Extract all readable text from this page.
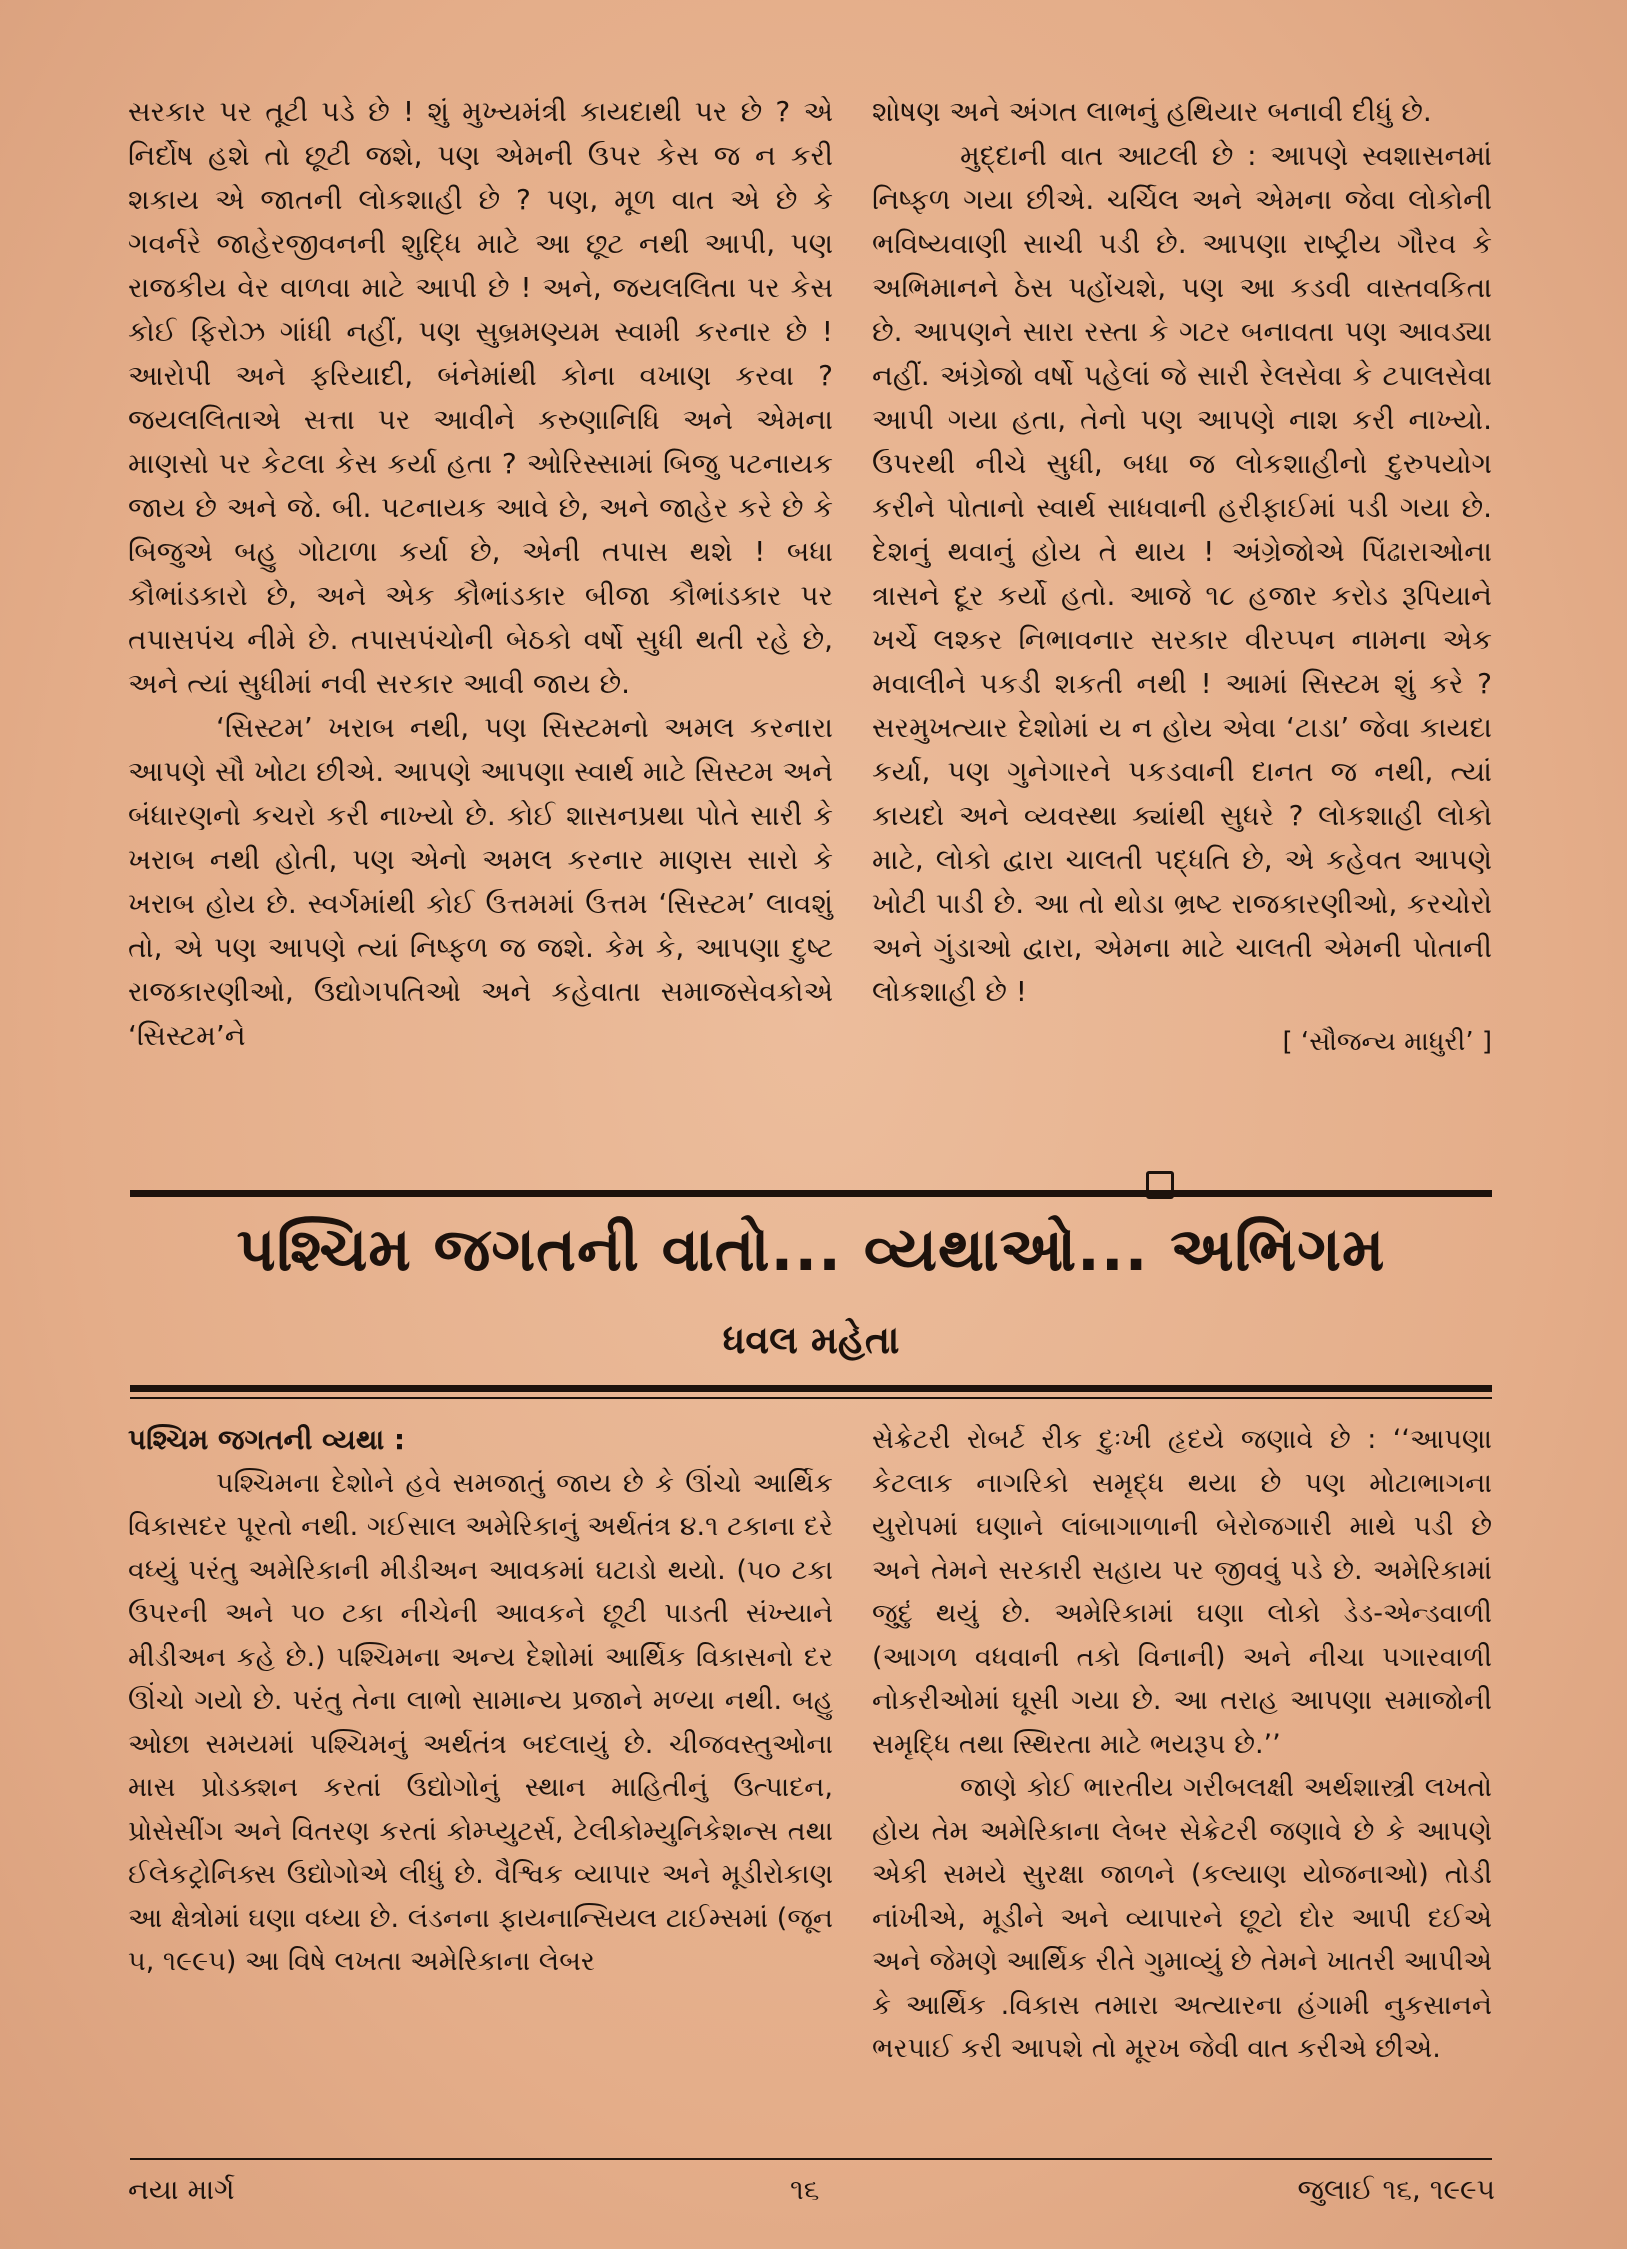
સરકાર પર તૂટી પડે છે ! શું મુખ્યમંત્રી કાયદાથી પર છે ? એ નિર્દોષ હશે તો છૂટી જશે, પણ એમની ઉપર કેસ જ ન કરી શકાય એ જાતની લોકશાહી છે ? પણ, મૂળ વાત એ છે કે ગવર્નરે જાહેરજીવનની શુદ્ધિ માટે આ છૂટ નથી આપી, પણ રાજકીય વેર વાળવા માટે આપી છે ! અને, જયલલિતા પર કેસ કોઈ ફિરોઝ ગાંધી નહીં, પણ સુબ્રમણ્યમ સ્વામી કરનાર છે ! આરોપી અને ફરિયાદી, બંનેમાંથી કોના વખાણ કરવા ? જયલલિતાએ સત્તા પર આવીને કરુણાનિધિ અને એમના માણસો પર કેટલા કેસ કર્યા હતા ? ઓરિસ્સામાં બિજુ પટનાયક જાય છે અને જે. બી. પટનાયક આવે છે, અને જાહેર કરે છે કે બિજુએ બહુ ગોટાળા કર્યા છે, એની તપાસ થશે ! બધા કૌભાંડકારો છે, અને એક કૌભાંડકાર બીજા કૌભાંડકાર પર તપાસપંચ નીમે છે. તપાસપંચોની બેઠકો વર્ષો સુધી થતી રહે છે, અને ત્યાં સુધીમાં નવી સરકાર આવી જાય છે.

‘સિસ્ટમ’ ખરાબ નથી, પણ સિસ્ટમનો અમલ કરનારા આપણે સૌ ખોટા છીએ. આપણે આપણા સ્વાર્થ માટે સિસ્ટમ અને બંધારણનો કચરો કરી નાખ્યો છે. કોઈ શાસનપ્રથા પોતે સારી કે ખરાબ નથી હોતી, પણ એનો અમલ કરનાર માણસ સારો કે ખરાબ હોય છે. સ્વર્ગમાંથી કોઈ ઉત્તમમાં ઉત્તમ ‘સિસ્ટમ’ લાવશું તો, એ પણ આપણે ત્યાં નિષ્ફળ જ જશે. કેમ કે, આપણા દુષ્ટ રાજકારણીઓ, ઉદ્યોગપતિઓ અને કહેવાતા સમાજસેવકોએ ‘સિસ્ટમ’ને

શોષણ અને અંગત લાભનું હથિયાર બનાવી દીધું છે.

મુદ્દાની વાત આટલી છે : આપણે સ્વશાસનમાં નિષ્ફળ ગયા છીએ. ચર્ચિલ અને એમના જેવા લોકોની ભવિષ્યવાણી સાચી પડી છે. આપણા રાષ્ટ્રીય ગૌરવ કે અભિમાનને ઠેસ પહોંચશે, પણ આ કડવી વાસ્તવકિતા છે. આપણને સારા રસ્તા કે ગટર બનાવતા પણ આવડ્યા નહીં. અંગ્રેજો વર્ષો પહેલાં જે સારી રેલસેવા કે ટપાલસેવા આપી ગયા હતા, તેનો પણ આપણે નાશ કરી નાખ્યો. ઉપરથી નીચે સુધી, બધા જ લોકશાહીનો દુરુપયોગ કરીને પોતાનો સ્વાર્થ સાધવાની હરીફાઈમાં પડી ગયા છે. દેશનું થવાનું હોય તે થાય ! અંગ્રેજોએ પિંઢારાઓના ત્રાસને દૂર કર્યો હતો. આજે ૧૮ હજાર કરોડ રૂપિયાને ખર્ચે લશ્કર નિભાવનાર સરકાર વીરપ્પન નામના એક મવાલીને પકડી શકતી નથી ! આમાં સિસ્ટમ શું કરે ? સરમુખત્યાર દેશોમાં ય ન હોય એવા ‘ટાડા’ જેવા કાયદા કર્યા, પણ ગુનેગારને પકડવાની દાનત જ નથી, ત્યાં કાયદો અને વ્યવસ્થા ક્યાંથી સુધરે ? લોકશાહી લોકો માટે, લોકો દ્વારા ચાલતી પદ્ધતિ છે, એ કહેવત આપણે ખોટી પાડી છે. આ તો થોડા ભ્રષ્ટ રાજકારણીઓ, કરચોરો અને ગુંડાઓ દ્વારા, એમના માટે ચાલતી એમની પોતાની લોકશાહી છે !

[ ‘સૌજન્ય માધુરી’ ]
પશ્ચિમ જગતની વાતો... વ્યથાઓ... અભિગમ
ધવલ મહેતા
પશ્ચિમ જગતની વ્યથા :

પશ્ચિમના દેશોને હવે સમજાતું જાય છે કે ઊંચો આર્થિક વિકાસદર પૂરતો નથી. ગઈસાલ અમેરિકાનું અર્થતંત્ર ૪.૧ ટકાના દરે વધ્યું પરંતુ અમેરિકાની મીડીઅન આવકમાં ઘટાડો થયો. (૫૦ ટકા ઉપરની અને ૫૦ ટકા નીચેની આવકને છૂટી પાડતી સંખ્યાને મીડીઅન કહે છે.) પશ્ચિમના અન્ય દેશોમાં આર્થિક વિકાસનો દર ઊંચો ગયો છે. પરંતુ તેના લાભો સામાન્ય પ્રજાને મળ્યા નથી. બહુ ઓછા સમયમાં પશ્ચિમનું અર્થતંત્ર બદલાયું છે. ચીજવસ્તુઓના માસ પ્રોડક્શન કરતાં ઉદ્યોગોનું સ્થાન માહિતીનું ઉત્પાદન, પ્રોસેસીંગ અને વિતરણ કરતાં કોમ્પ્યુટર્સ, ટેલીકોમ્યુનિકેશન્સ તથા ઈલેકટ્રોનિક્સ ઉદ્યોગોએ લીધું છે. વૈશ્વિક વ્યાપાર અને મૂડીરોકાણ આ ક્ષેત્રોમાં ઘણા વધ્યા છે. લંડનના ફાયનાન્સિયલ ટાઈમ્સમાં (જૂન ૫, ૧૯૯૫) આ વિષે લખતા અમેરિકાના લેબર

સેક્રેટરી રોબર્ટ રીક દુઃખી હૃદયે જણાવે છે : ‘‘આપણા કેટલાક નાગરિકો સમૃદ્ધ થયા છે પણ મોટાભાગના યુરોપમાં ઘણાને લાંબાગાળાની બેરોજગારી માથે પડી છે અને તેમને સરકારી સહાય પર જીવવું પડે છે. અમેરિકામાં જુદું થયું છે. અમેરિકામાં ઘણા લોકો ડેડ-એન્ડવાળી (આગળ વધવાની તકો વિનાની) અને નીચા પગારવાળી નોકરીઓમાં ઘૂસી ગયા છે. આ તરાહ આપણા સમાજોની સમૃદ્ધિ તથા સ્થિરતા માટે ભયરૂપ છે.’’

જાણે કોઈ ભારતીય ગરીબલક્ષી અર્થશાસ્ત્રી લખતો હોય તેમ અમેરિકાના લેબર સેક્રેટરી જણાવે છે કે આપણે એકી સમયે સુરક્ષા જાળને (કલ્યાણ યોજનાઓ) તોડી નાંખીએ, મૂડીને અને વ્યાપારને છૂટો દોર આપી દઈએ અને જેમણે આર્થિક રીતે ગુમાવ્યું છે તેમને ખાતરી આપીએ કે આર્થિક .વિકાસ તમારા અત્યારના હંગામી નુકસાનને ભરપાઈ કરી આપશે તો મૂરખ જેવી વાત કરીએ છીએ.

નયા માર્ગ	૧૬	જુલાઈ ૧૬, ૧૯૯૫
